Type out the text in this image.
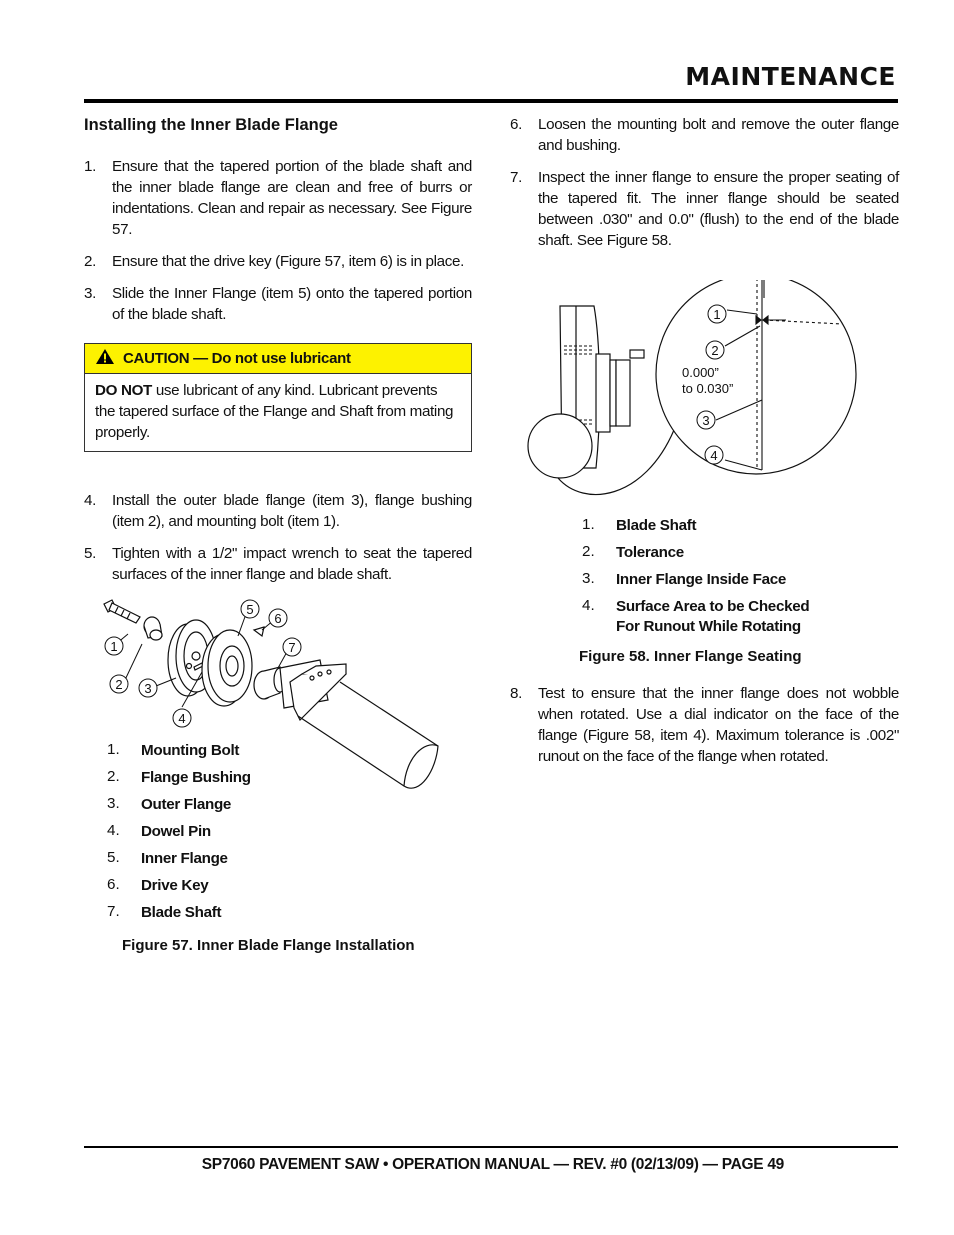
MAINTENANCE
Installing the Inner Blade Flange
1.	Ensure that the tapered portion of the blade shaft and the inner blade flange are clean and free of burrs or indentations. Clean and repair as necessary. See Figure 57.
2.	Ensure that the drive key (Figure 57, item 6) is in place.
3.	Slide the Inner Flange (item 5) onto the tapered portion of the blade shaft.
CAUTION — Do not use lubricant
DO NOT use lubricant of any kind. Lubricant prevents the tapered surface of the Flange and Shaft from mating properly.
4.	Install the outer blade flange (item 3), flange bushing (item 2), and mounting bolt (item 1).
5.	Tighten with a 1/2" impact wrench to seat the tapered surfaces of the inner flange and blade shaft.
1
2 3
4
5
6
7
1.	Mounting Bolt
2.	Flange Bushing
3.	Outer Flange
4.	Dowel Pin
5.	Inner Flange
6.	Drive Key
7.	Blade Shaft
Figure 57. Inner Blade Flange Installation
6.	Loosen the mounting bolt and remove the outer flange and bushing.
7.	Inspect the inner flange to ensure the proper seating of the tapered fit. The inner flange should be seated between .030" and 0.0" (flush) to the end of the blade shaft. See Figure 58.
1
2
3
4
0.000”
to 0.030”
1.	Blade Shaft
2.	Tolerance
3.	Inner Flange Inside Face
4.	Surface Area to be Checked
For Runout While Rotating
Figure 58. Inner Flange Seating
8.	Test to ensure that the inner flange does not wobble when rotated. Use a dial indicator on the face of the flange (Figure 58, item 4). Maximum tolerance is .002" runout on the face of the flange when rotated.
SP7060 PAVEMENT SAW • OPERATION MANUAL — REV. #0 (02/13/09) — PAGE 49
